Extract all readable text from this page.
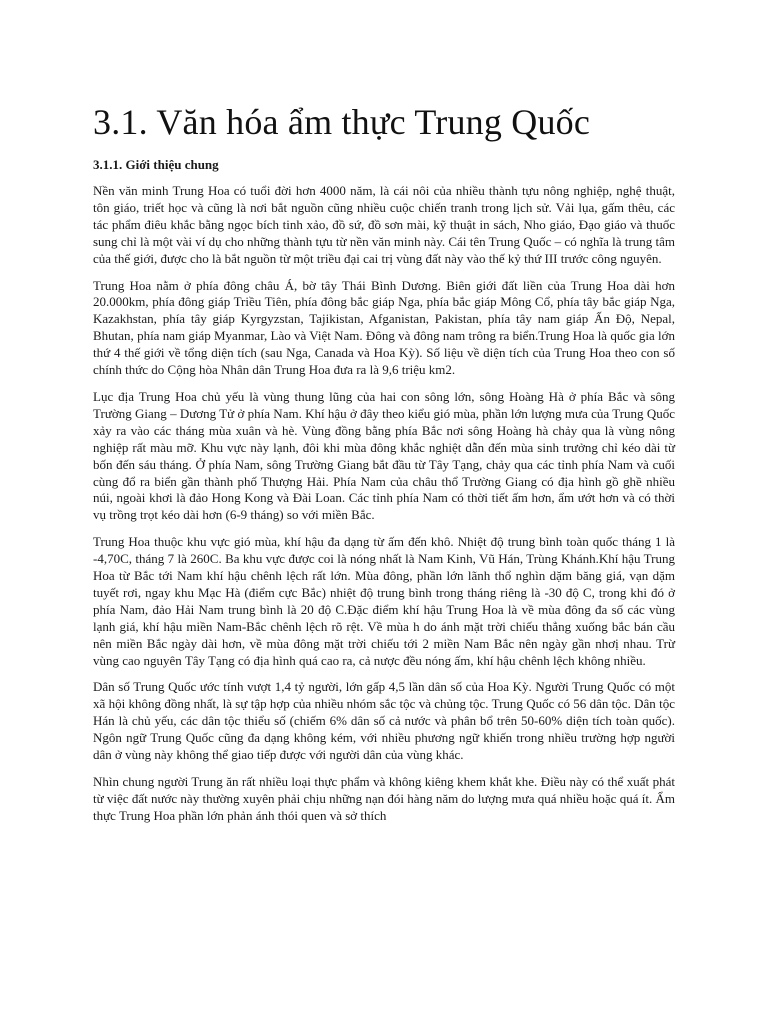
3.1. Văn hóa ẩm thực Trung Quốc
3.1.1. Giới thiệu chung

Nền văn minh Trung Hoa có tuổi đời hơn 4000 năm, là cái nôi của nhiều thành tựu nông nghiệp, nghệ thuật, tôn giáo, triết học và cũng là nơi bắt nguồn cũng nhiều cuộc chiến tranh trong lịch sử. Vải lụa, gấm thêu, các tác phẩm điêu khắc bằng ngọc bích tinh xảo, đồ sứ, đồ sơn mài, kỹ thuật in sách, Nho giáo, Đạo giáo và thuốc sung chỉ là một vài ví dụ cho những thành tựu từ nền văn minh này. Cái tên Trung Quốc – có nghĩa là trung tâm của thế giới, được cho là bắt nguồn từ một triều đại cai trị vùng đất này vào thế kỷ thứ III trước công nguyên.

Trung Hoa nằm ở phía đông châu Á, bờ tây Thái Bình Dương. Biên giới đất liền của Trung Hoa dài hơn 20.000km, phía đông giáp Triều Tiên, phía đông bắc giáp Nga, phía bắc giáp Mông Cổ, phía tây bắc giáp Nga, Kazakhstan, phía tây giáp Kyrgyzstan, Tajikistan, Afganistan, Pakistan, phía tây nam giáp Ấn Độ, Nepal, Bhutan, phía nam giáp Myanmar, Lào và Việt Nam. Đông và đông nam trông ra biển.Trung Hoa là quốc gia lớn thứ 4 thế giới về tổng diện tích (sau Nga, Canada và Hoa Kỳ). Số liệu về diện tích của Trung Hoa theo con số chính thức do Cộng hòa Nhân dân Trung Hoa đưa ra là 9,6 triệu km2.

Lục địa Trung Hoa chủ yếu là vùng thung lũng của hai con sông lớn, sông Hoàng Hà ở phía Bắc và sông Trường Giang – Dương Tử ở phía Nam. Khí hậu ở đây theo kiểu gió mùa, phần lớn lượng mưa của Trung Quốc xảy ra vào các tháng mùa xuân và hè. Vùng đồng bằng phía Bắc nơi sông Hoàng hà chảy qua là vùng nông nghiệp rất màu mỡ. Khu vực này lạnh, đôi khi mùa đông khắc nghiệt dẫn đến mùa sinh trưởng chỉ kéo dài từ bốn đến sáu tháng. Ở phía Nam, sông Trường Giang bắt đầu từ Tây Tạng, chảy qua các tỉnh phía Nam và cuối cùng đổ ra biển gần thành phố Thượng Hải. Phía Nam của châu thổ Trường Giang có địa hình gồ ghề nhiều núi, ngoài khơi là đảo Hong Kong và Đài Loan. Các tỉnh phía Nam có thời tiết ấm hơn, ẩm ướt hơn và có thời vụ trồng trọt kéo dài hơn (6-9 tháng) so với miền Bắc.

Trung Hoa thuộc khu vực gió mùa, khí hậu đa dạng từ ấm đến khô. Nhiệt độ trung bình toàn quốc tháng 1 là -4,70C, tháng 7 là 260C. Ba khu vực được coi là nóng nhất là Nam Kinh, Vũ Hán, Trùng Khánh.Khí hậu Trung Hoa từ Bắc tới Nam khí hậu chênh lệch rất lớn. Mùa đông, phần lớn lãnh thổ nghìn dặm băng giá, vạn dặm tuyết rơi, ngay khu Mạc Hà (điểm cực Bắc) nhiệt độ trung bình trong tháng riêng là -30 độ C, trong khi đó ở phía Nam, đảo Hải Nam trung bình là 20 độ C.Đặc điểm khí hậu Trung Hoa là về mùa đông đa số các vùng lạnh giá, khí hậu miền Nam-Bắc chênh lệch rõ rệt. Về mùa h do ánh mặt trời chiếu thẳng xuống bắc bán cầu nên miền Bắc ngày dài hơn, về mùa đông mặt trời chiếu tới 2 miền Nam Bắc nên ngày gần nhơị nhau. Trừ vùng cao nguyên Tây Tạng có địa hình quá cao ra, cả nược đều nóng ấm, khí hậu chênh lệch không nhiều.

Dân số Trung Quốc ước tính vượt 1,4 tỷ người, lớn gấp 4,5 lần dân số của Hoa Kỳ. Người Trung Quốc có một xã hội không đồng nhất, là sự tập hợp của nhiều nhóm sắc tộc và chủng tộc. Trung Quốc có 56 dân tộc. Dân tộc Hán là chủ yếu, các dân tộc thiểu số (chiếm 6% dân số cả nước và phân bổ trên 50-60% diện tích toàn quốc). Ngôn ngữ Trung Quốc cũng đa dạng không kém, với nhiều phương ngữ khiến trong nhiều trường hợp người dân ở vùng này không thể giao tiếp được với người dân của vùng khác.

Nhìn chung người Trung ăn rất nhiều loại thực phẩm và không kiêng khem khắt khe. Điều này có thể xuất phát từ việc đất nước này thường xuyên phải chịu những nạn đói hàng năm do lượng mưa quá nhiều hoặc quá ít. Ẩm thực Trung Hoa phần lớn phản ánh thói quen và sở thích
